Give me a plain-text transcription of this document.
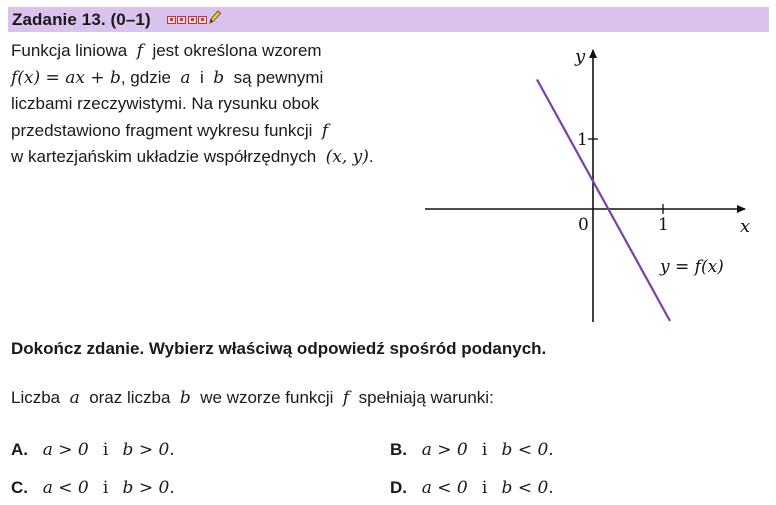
Zadanie 13. (0–1)
Funkcja liniowa f jest określona wzorem
f(x) = ax + b, gdzie a i b są pewnymi
liczbami rzeczywistymi. Na rysunku obok
przedstawiono fragment wykresu funkcji f
w kartezjańskim układzie współrzędnych (x, y).
y
x
0	1
1
y = f(x)
Dokończ zdanie. Wybierz właściwą odpowiedź spośród podanych.
Liczba a oraz liczba b we wzorze funkcji f spełniają warunki:
A. a > 0 i b > 0.	B. a > 0 i b < 0.
C. a < 0 i b > 0.	D. a < 0 i b < 0.
